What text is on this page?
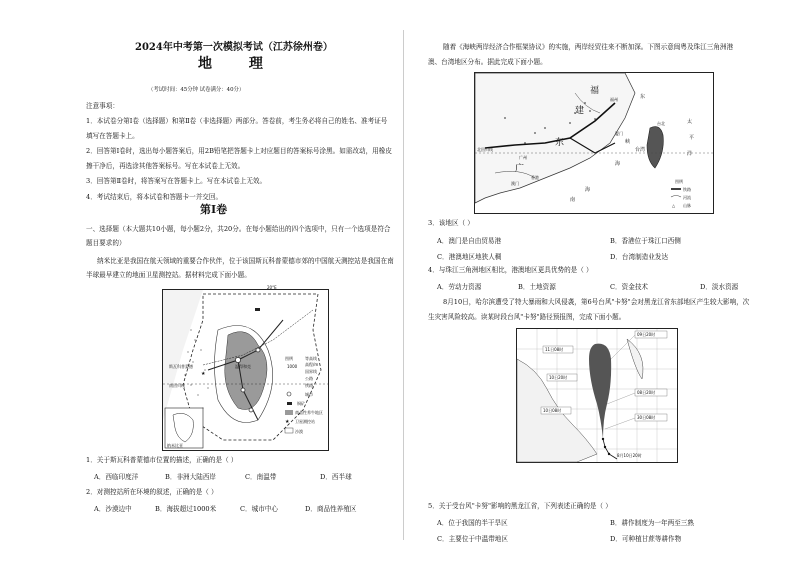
2024年中考第一次模拟考试（江苏徐州卷）
地 理
（考试时间：45分钟 试卷满分：40分）
注意事项：
1．本试卷分第Ⅰ卷（选择题）和第Ⅱ卷（非选择题）两部分。答卷前，考生务必将自己的姓名、准考证号
填写在答题卡上。
2．回答第Ⅰ卷时，选出每小题答案后，用2B铅笔把答题卡上对应题目的答案标号涂黑。如需改动，用橡皮
擦干净后，再选涂其他答案标号。写在本试卷上无效。
3．回答第Ⅱ卷时，将答案写在答题卡上。写在本试卷上无效。
4．考试结束后，将本试卷和答题卡一并交回。
第Ⅰ卷
一、选择题（本大题共10小题，每小题2分，共20分。在每小题给出的四个选项中，只有一个选项是符合
题目要求的）
纳米比亚是我国在航天领域的重要合作伙伴，位于该国斯瓦科普蒙德市郊的中国航天测控站是我国在南
半球最早建立的地面卫星测控站。据材料完成下面小题。
★
斯瓦科普蒙德
南回归线
温得和克
20°E
图例	等高线
高程/m
1000
国界线
公路
铁路
城市
铜矿
商品性养牛地区
★ 卫星测控站
沙漠
纳米比亚
1．关于斯瓦科普蒙德市位置的描述，正确的是（ ）
A．西临印度洋	B．非洲大陆西岸	C．南温带	D．西半球
2．对测控站所在环境的叙述，正确的是（ ）
A．沙漠边中	B．海拔超过1000米	C．城市中心	D．商品性养殖区
随着《海峡两岸经济合作框架协议》的实施，两岸经贸往来不断加深。下图示意闽粤及珠江三角洲港
澳、台湾地区分布。据此完成下面小题。
北回归线
福
建
福州
东
广
东
台湾
台北
厦门
峡
海
南
海
太
平
洋
香港
澳门
广州
图例
铁路
河流
△ 山脉
3．该地区（ ）
A．澳门是自由贸易港	B．香港位于珠江口西侧
C．港澳地区地狭人稠	D．台湾制造业发达
4．与珠江三角洲地区相比，港澳地区更具优势的是（ ）
A．劳动力资源	B．土地资源	C．资金技术	D．淡水资源
8月10日，哈尔滨遭受了特大暴雨和大风侵袭，第6号台风"卡努"会对黑龙江省东部地区产生较大影响，次
生灾害风险较高。读某时段台风"卡努"路径预报图，完成下面小题。
11日08时
10日20时
10日08时
09日20时
08日20时
30日08时
8月10日20时
5．关于受台风"卡努"影响的黑龙江省，下列表述正确的是（ ）
A．位于我国的半干旱区	B．耕作制度为一年两至三熟
C．主要位于中温带地区	D．可种植甘蔗等耕作物
